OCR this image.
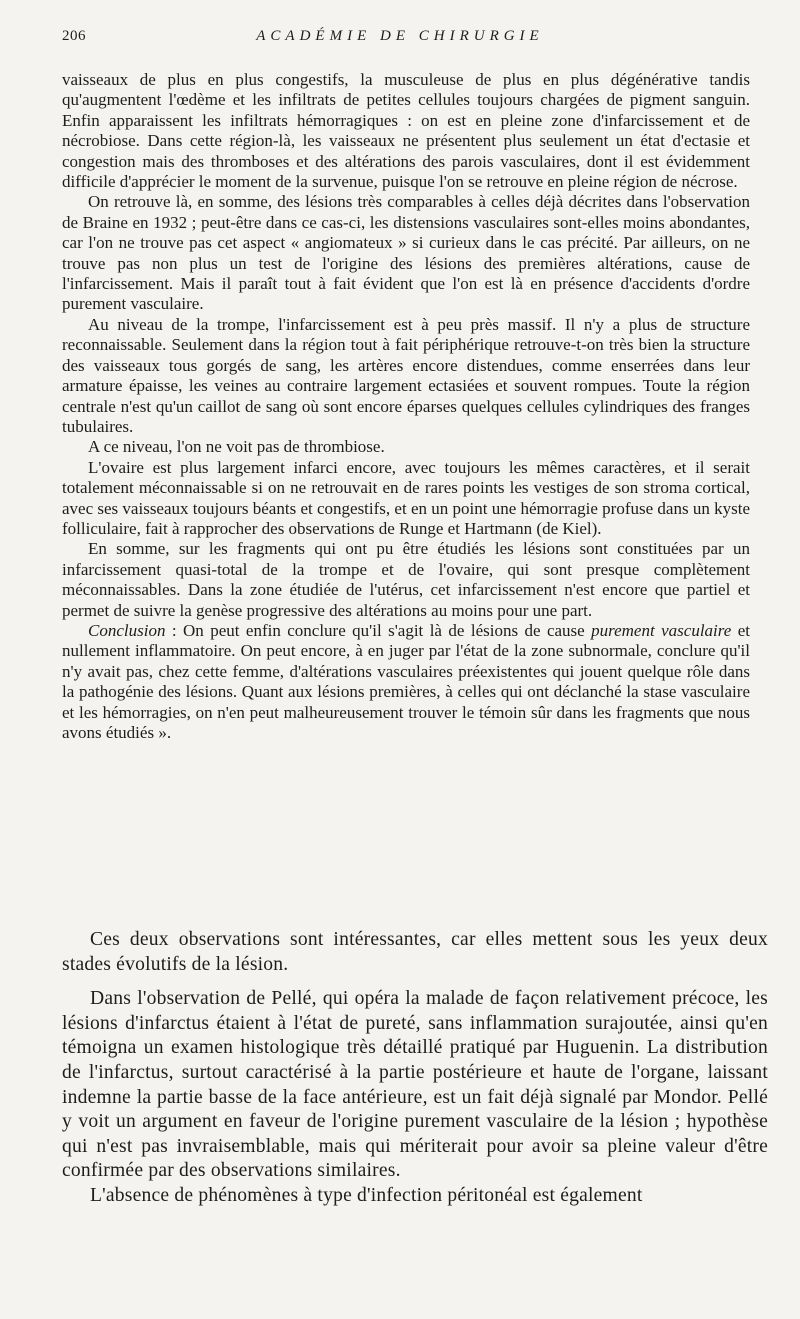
206	ACADÉMIE DE CHIRURGIE

vaisseaux de plus en plus congestifs, la musculeuse de plus en plus dégénérative tandis qu'augmentent l'œdème et les infiltrats de petites cellules toujours chargées de pigment sanguin. Enfin apparaissent les infiltrats hémorragiques : on est en pleine zone d'infarcissement et de nécrobiose. Dans cette région-là, les vaisseaux ne présentent plus seulement un état d'ectasie et congestion mais des thromboses et des altérations des parois vasculaires, dont il est évidemment difficile d'apprécier le moment de la survenue, puisque l'on se retrouve en pleine région de nécrose.

On retrouve là, en somme, des lésions très comparables à celles déjà décrites dans l'observation de Braine en 1932 ; peut-être dans ce cas-ci, les distensions vasculaires sont-elles moins abondantes, car l'on ne trouve pas cet aspect « angiomateux » si curieux dans le cas précité. Par ailleurs, on ne trouve pas non plus un test de l'origine des lésions des premières altérations, cause de l'infarcissement. Mais il paraît tout à fait évident que l'on est là en présence d'accidents d'ordre purement vasculaire.

Au niveau de la trompe, l'infarcissement est à peu près massif. Il n'y a plus de structure reconnaissable. Seulement dans la région tout à fait périphérique retrouve-t-on très bien la structure des vaisseaux tous gorgés de sang, les artères encore distendues, comme enserrées dans leur armature épaisse, les veines au contraire largement ectasiées et souvent rompues. Toute la région centrale n'est qu'un caillot de sang où sont encore éparses quelques cellules cylindriques des franges tubulaires.

A ce niveau, l'on ne voit pas de thrombiose.

L'ovaire est plus largement infarci encore, avec toujours les mêmes caractères, et il serait totalement méconnaissable si on ne retrouvait en de rares points les vestiges de son stroma cortical, avec ses vaisseaux toujours béants et congestifs, et en un point une hémorragie profuse dans un kyste folliculaire, fait à rapprocher des observations de Runge et Hartmann (de Kiel).

En somme, sur les fragments qui ont pu être étudiés les lésions sont constituées par un infarcissement quasi-total de la trompe et de l'ovaire, qui sont presque complètement méconnaissables. Dans la zone étudiée de l'utérus, cet infarcissement n'est encore que partiel et permet de suivre la genèse progressive des altérations au moins pour une part.

Conclusion : On peut enfin conclure qu'il s'agit là de lésions de cause purement vasculaire et nullement inflammatoire. On peut encore, à en juger par l'état de la zone subnormale, conclure qu'il n'y avait pas, chez cette femme, d'altérations vasculaires préexistentes qui jouent quelque rôle dans la pathogénie des lésions. Quant aux lésions premières, à celles qui ont déclanché la stase vasculaire et les hémorragies, on n'en peut malheureusement trouver le témoin sûr dans les fragments que nous avons étudiés ».

Ces deux observations sont intéressantes, car elles mettent sous les yeux deux stades évolutifs de la lésion.

Dans l'observation de Pellé, qui opéra la malade de façon relativement précoce, les lésions d'infarctus étaient à l'état de pureté, sans inflammation surajoutée, ainsi qu'en témoigna un examen histologique très détaillé pratiqué par Huguenin. La distribution de l'infarctus, surtout caractérisé à la partie postérieure et haute de l'organe, laissant indemne la partie basse de la face antérieure, est un fait déjà signalé par Mondor. Pellé y voit un argument en faveur de l'origine purement vasculaire de la lésion ; hypothèse qui n'est pas invraisemblable, mais qui mériterait pour avoir sa pleine valeur d'être confirmée par des observations similaires.

L'absence de phénomènes à type d'infection péritonéal est également
